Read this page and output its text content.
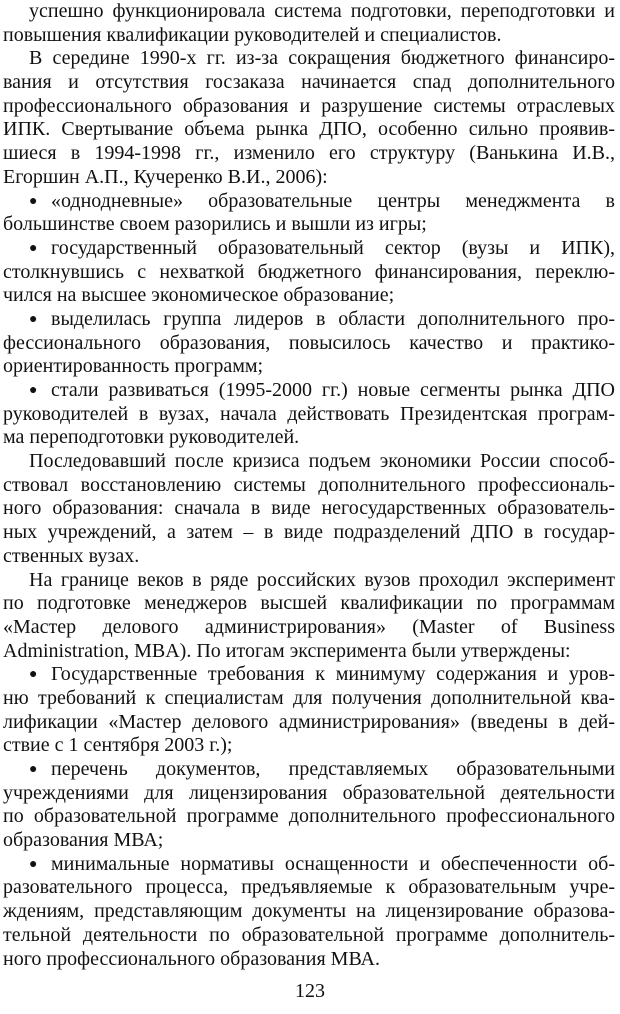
успешно функционировала система подготовки, переподготовки и
повышения квалификации руководителей и специалистов.
В середине 1990-х гг. из-за сокращения бюджетного финансиро-
вания и отсутствия госзаказа начинается спад дополнительного
профессионального образования и разрушение системы отраслевых
ИПК. Свертывание объема рынка ДПО, особенно сильно проявив-
шиеся в 1994-1998 гг., изменило его структуру (Ванькина И.В.,
Егоршин А.П., Кучеренко В.И., 2006):
● «однодневные» образовательные центры менеджмента в
большинстве своем разорились и вышли из игры;
● государственный образовательный сектор (вузы и ИПК),
столкнувшись с нехваткой бюджетного финансирования, переклю-
чился на высшее экономическое образование;
● выделилась группа лидеров в области дополнительного про-
фессионального образования, повысилось качество и практико-
ориентированность программ;
● стали развиваться (1995-2000 гг.) новые сегменты рынка ДПО
руководителей в вузах, начала действовать Президентская програм-
ма переподготовки руководителей.
Последовавший после кризиса подъем экономики России способ-
ствовал восстановлению системы дополнительного профессиональ-
ного образования: сначала в виде негосударственных образователь-
ных учреждений, а затем – в виде подразделений ДПО в государ-
ственных вузах.
На границе веков в ряде российских вузов проходил эксперимент
по подготовке менеджеров высшей квалификации по программам
«Мастер делового администрирования» (Master of Business
Administration, MBA). По итогам эксперимента были утверждены:
● Государственные требования к минимуму содержания и уров-
ню требований к специалистам для получения дополнительной ква-
лификации «Мастер делового администрирования» (введены в дей-
ствие с 1 сентября 2003 г.);
● перечень документов, представляемых образовательными
учреждениями для лицензирования образовательной деятельности
по образовательной программе дополнительного профессионального
образования МВА;
● минимальные нормативы оснащенности и обеспеченности об-
разовательного процесса, предъявляемые к образовательным учре-
ждениям, представляющим документы на лицензирование образова-
тельной деятельности по образовательной программе дополнитель-
ного профессионального образования МВА.
123
